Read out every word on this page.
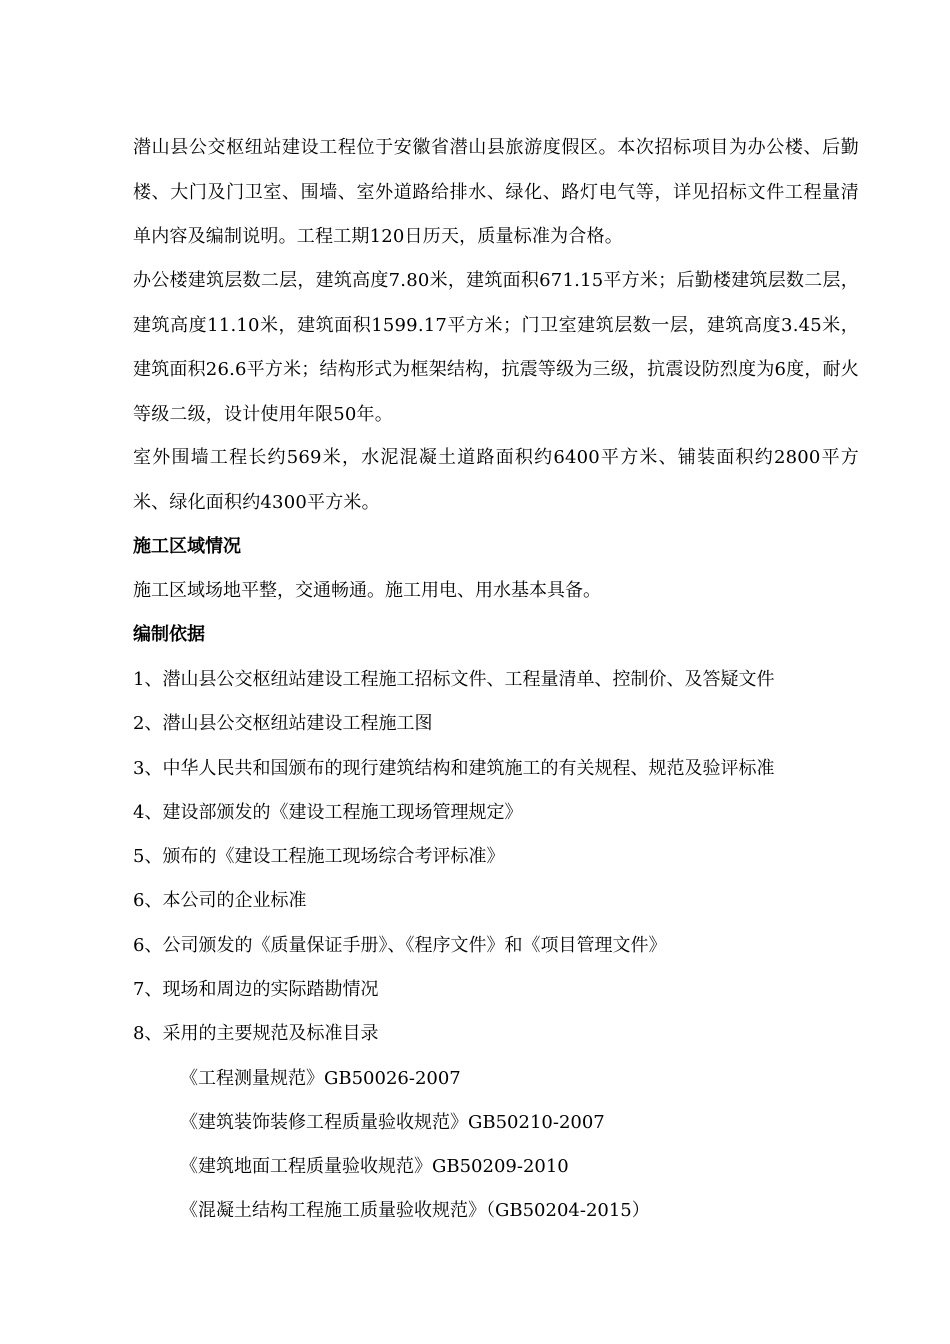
潜山县公交枢纽站建设工程位于安徽省潜山县旅游度假区。本次招标项目为办公楼、后勤楼、大门及门卫室、围墙、室外道路给排水、绿化、路灯电气等，详见招标文件工程量清单内容及编制说明。工程工期120日历天，质量标准为合格。
办公楼建筑层数二层，建筑高度7.80米，建筑面积671.15平方米；后勤楼建筑层数二层，建筑高度11.10米，建筑面积1599.17平方米；门卫室建筑层数一层，建筑高度3.45米，建筑面积26.6平方米；结构形式为框架结构，抗震等级为三级，抗震设防烈度为6度，耐火等级二级，设计使用年限50年。
室外围墙工程长约569米，水泥混凝土道路面积约6400平方米、铺装面积约2800平方米、绿化面积约4300平方米。
施工区域情况
施工区域场地平整，交通畅通。施工用电、用水基本具备。
编制依据
1、潜山县公交枢纽站建设工程施工招标文件、工程量清单、控制价、及答疑文件
2、潜山县公交枢纽站建设工程施工图
3、中华人民共和国颁布的现行建筑结构和建筑施工的有关规程、规范及验评标准
4、建设部颁发的《建设工程施工现场管理规定》
5、颁布的《建设工程施工现场综合考评标准》
6、本公司的企业标准
6、公司颁发的《质量保证手册》、《程序文件》和《项目管理文件》
7、现场和周边的实际踏勘情况
8、采用的主要规范及标准目录
《工程测量规范》GB50026-2007
《建筑装饰装修工程质量验收规范》GB50210-2007
《建筑地面工程质量验收规范》GB50209-2010
《混凝土结构工程施工质量验收规范》（GB50204-2015）
